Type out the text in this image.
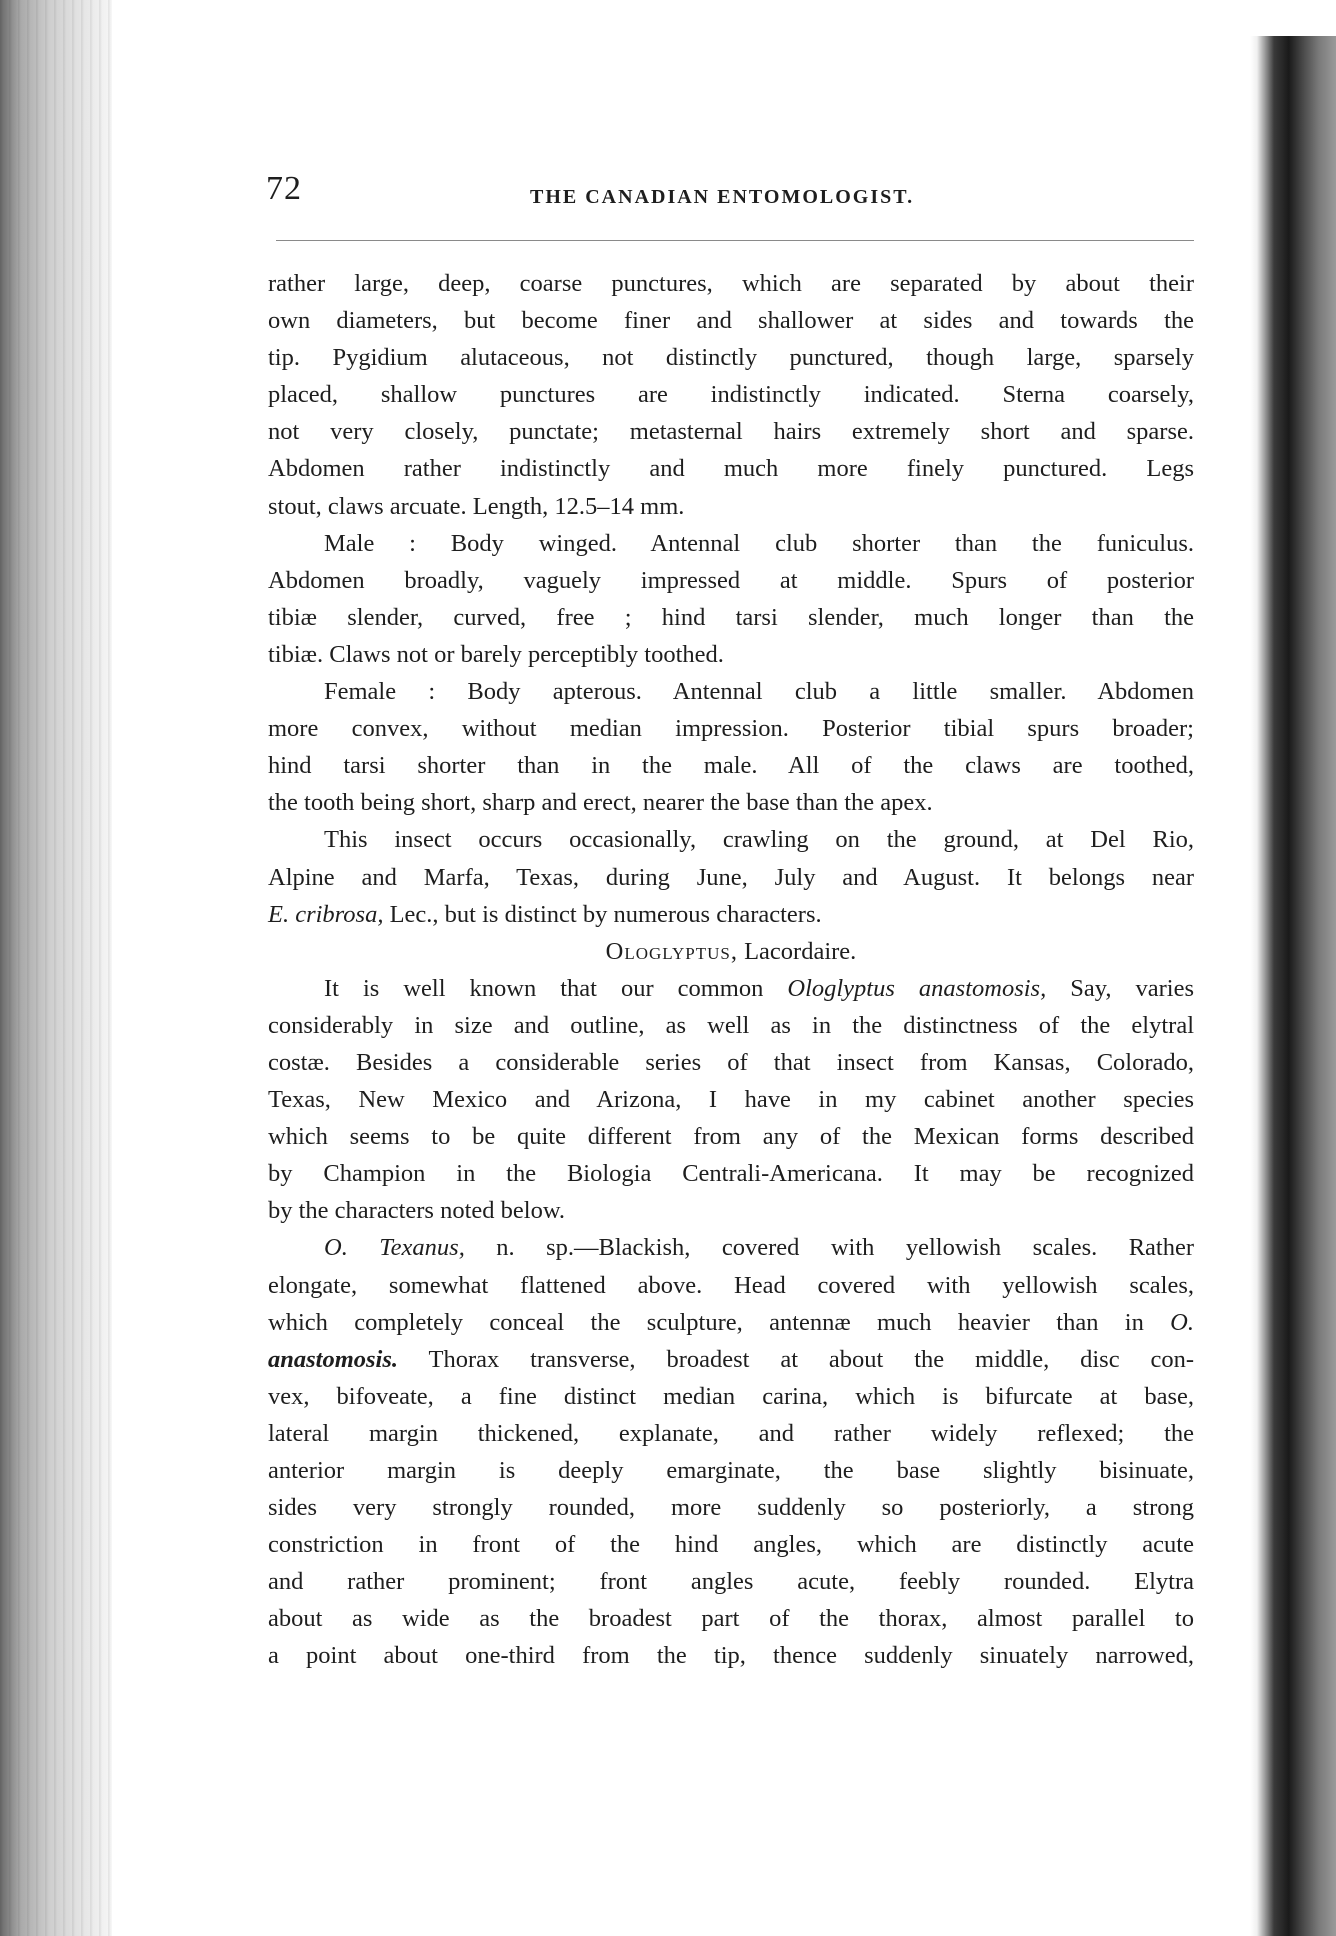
72	THE CANADIAN ENTOMOLOGIST.
rather large, deep, coarse punctures, which are separated by about their
own diameters, but become finer and shallower at sides and towards the
tip. Pygidium alutaceous, not distinctly punctured, though large, sparsely
placed, shallow punctures are indistinctly indicated. Sterna coarsely,
not very closely, punctate; metasternal hairs extremely short and sparse.
Abdomen rather indistinctly and much more finely punctured. Legs
stout, claws arcuate. Length, 12.5–14 mm.
Male : Body winged. Antennal club shorter than the funiculus.
Abdomen broadly, vaguely impressed at middle. Spurs of posterior
tibiæ slender, curved, free ; hind tarsi slender, much longer than the
tibiæ. Claws not or barely perceptibly toothed.
Female : Body apterous. Antennal club a little smaller. Abdomen
more convex, without median impression. Posterior tibial spurs broader;
hind tarsi shorter than in the male. All of the claws are toothed,
the tooth being short, sharp and erect, nearer the base than the apex.
This insect occurs occasionally, crawling on the ground, at Del Rio,
Alpine and Marfa, Texas, during June, July and August. It belongs near
E. cribrosa, Lec., but is distinct by numerous characters.
Ologlyptus, Lacordaire.
It is well known that our common Ologlyptus anastomosis, Say, varies
considerably in size and outline, as well as in the distinctness of the elytral
costæ. Besides a considerable series of that insect from Kansas, Colorado,
Texas, New Mexico and Arizona, I have in my cabinet another species
which seems to be quite different from any of the Mexican forms described
by Champion in the Biologia Centrali-Americana. It may be recognized
by the characters noted below.
O. Texanus, n. sp.—Blackish, covered with yellowish scales. Rather
elongate, somewhat flattened above. Head covered with yellowish scales,
which completely conceal the sculpture, antennæ much heavier than in O.
anastomosis. Thorax transverse, broadest at about the middle, disc con-
vex, bifoveate, a fine distinct median carina, which is bifurcate at base,
lateral margin thickened, explanate, and rather widely reflexed; the
anterior margin is deeply emarginate, the base slightly bisinuate,
sides very strongly rounded, more suddenly so posteriorly, a strong
constriction in front of the hind angles, which are distinctly acute
and rather prominent; front angles acute, feebly rounded. Elytra
about as wide as the broadest part of the thorax, almost parallel to
a point about one-third from the tip, thence suddenly sinuately narrowed,
